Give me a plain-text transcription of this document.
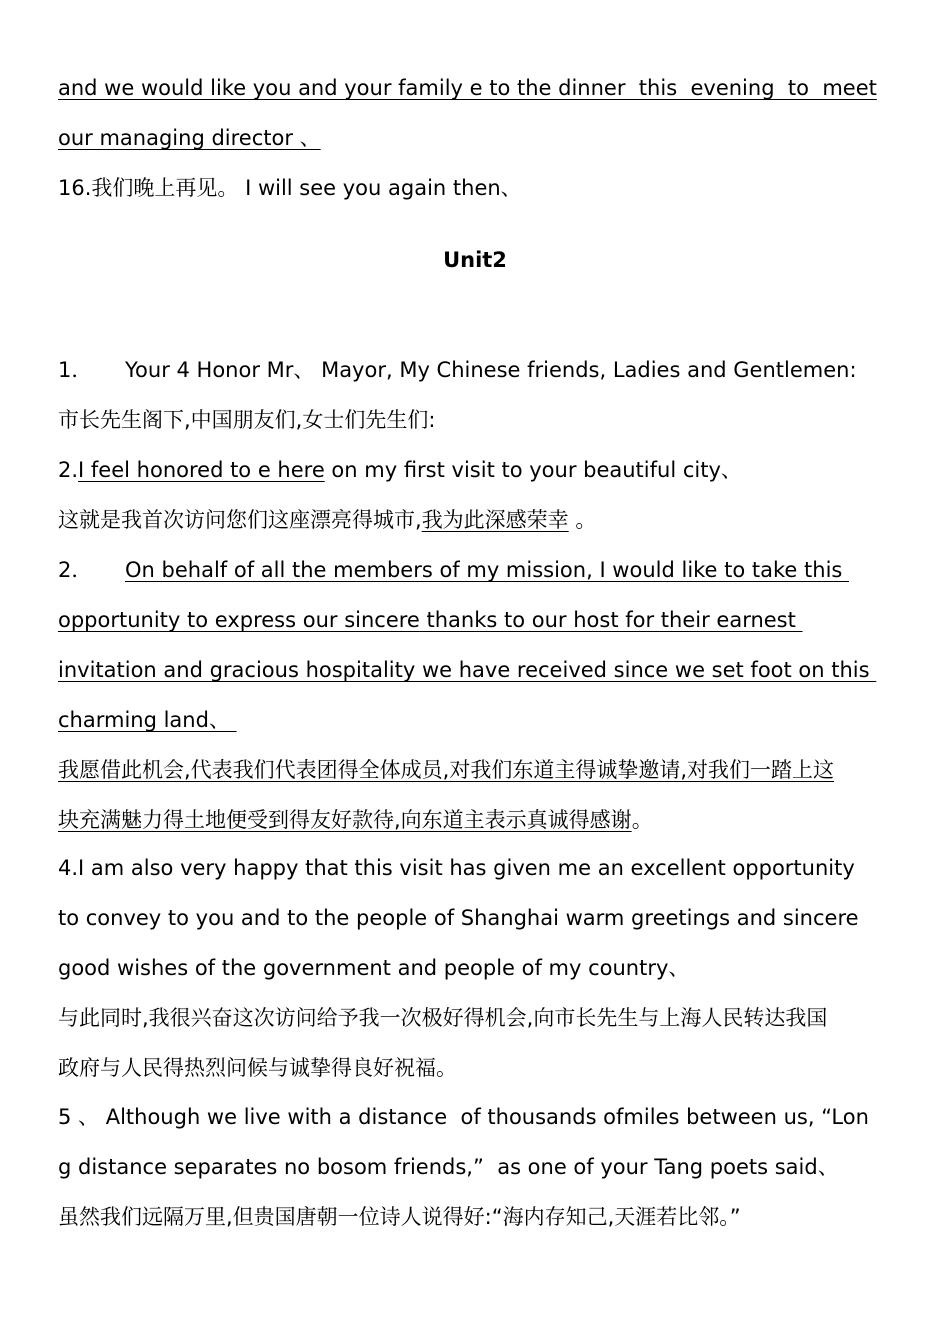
and we would like you and your family e to the dinner  this  evening  to  meet
our managing director 、
16.我们晚上再见。 I will see you again then、
Unit2
1． Your 4 Honor Mr、 Mayor, My Chinese friends, Ladies and Gentlemen:
市长先生阁下,中国朋友们,女士们先生们:
2.I feel honored to e here on my first visit to your beautiful city、
这就是我首次访问您们这座漂亮得城市,我为此深感荣幸 。
2． On behalf of all the members of my mission, I would like to take this
opportunity to express our sincere thanks to our host for their earnest
invitation and gracious hospitality we have received since we set foot on this
charming land、
我愿借此机会,代表我们代表团得全体成员,对我们东道主得诚挚邀请,对我们一踏上这
块充满魅力得土地便受到得友好款待,向东道主表示真诚得感谢。
4.I am also very happy that this visit has given me an excellent opportunity
to convey to you and to the people of Shanghai warm greetings and sincere
good wishes of the government and people of my country、
与此同时,我很兴奋这次访问给予我一次极好得机会,向市长先生与上海人民转达我国
政府与人民得热烈问候与诚挚得良好祝福。
5 、 Although we live with a distance  of thousands ofmiles between us, “Lon
g distance separates no bosom friends,”  as one of your Tang poets said、
虽然我们远隔万里,但贵国唐朝一位诗人说得好:“海内存知己,天涯若比邻。”
